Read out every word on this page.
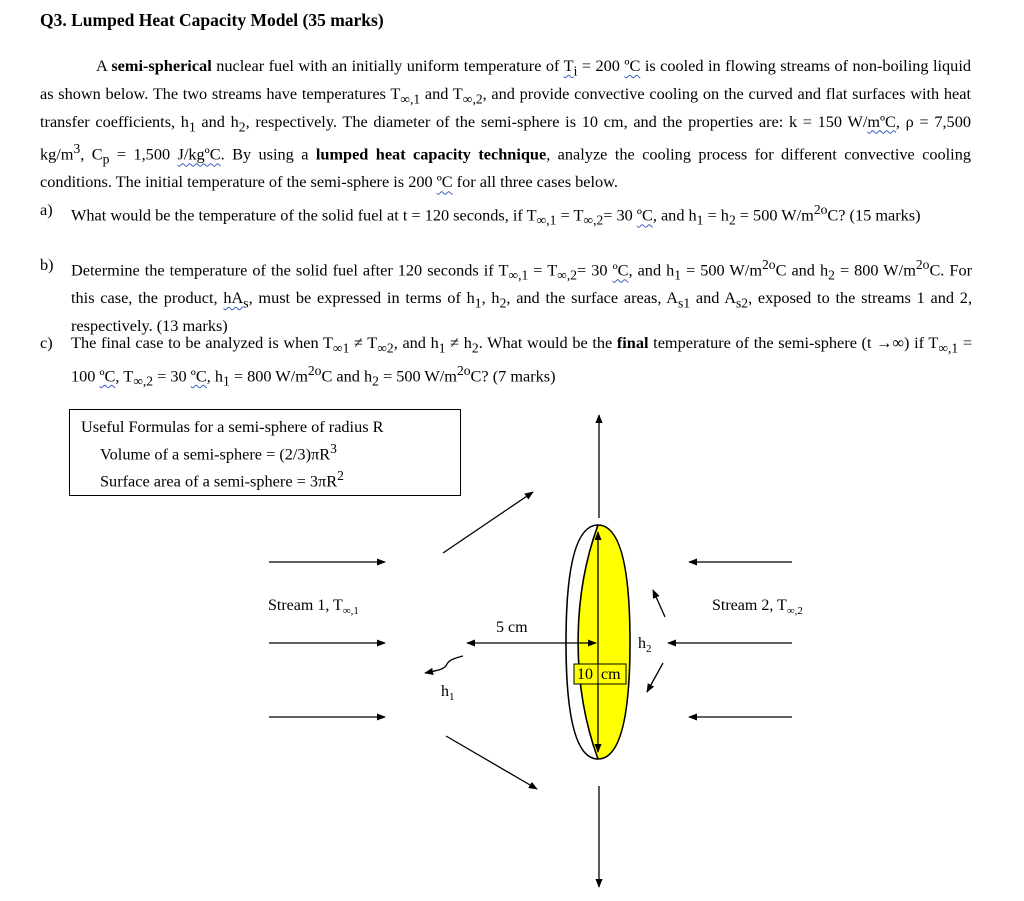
Q3. Lumped Heat Capacity Model (35 marks)

A semi-spherical nuclear fuel with an initially uniform temperature of $T_i = 200$ ºC is cooled in flowing streams of non-boiling liquid as shown below. The two streams have temperatures $T_{\infty,1}$ and $T_{\infty,2}$, and provide convective cooling on the curved and flat surfaces with heat transfer coefficients, $h_1$ and $h_2$, respectively. The diameter of the semi-sphere is 10 cm, and the properties are: k = 150 W/mºC, ρ = 7,500 $kg/m^3$, $C_p = 1,500$ J/kgºC. By using a lumped heat capacity technique, analyze the cooling process for different convective cooling conditions. The initial temperature of the semi-sphere is 200 ºC for all three cases below.

a) What would be the temperature of the solid fuel at t = 120 seconds, if $T_{\infty,1} = T_{\infty,2}= 30$ ºC, and $h_1 = h_2 = 500$ $W/m^{2o}C$? (15 marks)
b) Determine the temperature of the solid fuel after 120 seconds if $T_{\infty,1} = T_{\infty,2}= 30$ ºC, and $h_1 = 500$ $W/m^{2o}C$ and $h_2 = 800$ $W/m^{2o}C$. For this case, the product, $hA_s$, must be expressed in terms of $h_1$, $h_2$, and the surface areas, $A_{s1}$ and $A_{s2}$, exposed to the streams 1 and 2, respectively. (13 marks)
c) The final case to be analyzed is when $T_{\infty 1} \ne T_{\infty 2}$, and $h_1 \ne h_2$. What would be the final temperature of the semi-sphere (t →∞) if $T_{\infty,1} = 100$ ºC, $T_{\infty,2} = 30$ ºC, $h_1 = 800$ $W/m^{2o}C$ and $h_2 = 500$ $W/m^{2o}C$? (7 marks)
Useful Formulas for a semi-sphere of radius R
Volume of a semi-sphere = $(2/3)\pi R^3$
Surface area of a semi-sphere = $3\pi R^2$
10 cm
5 cm
Stream 1, $T_{\infty,1}$	Stream 2, $T_{\infty,2}$
$h_1$
$h_2$
